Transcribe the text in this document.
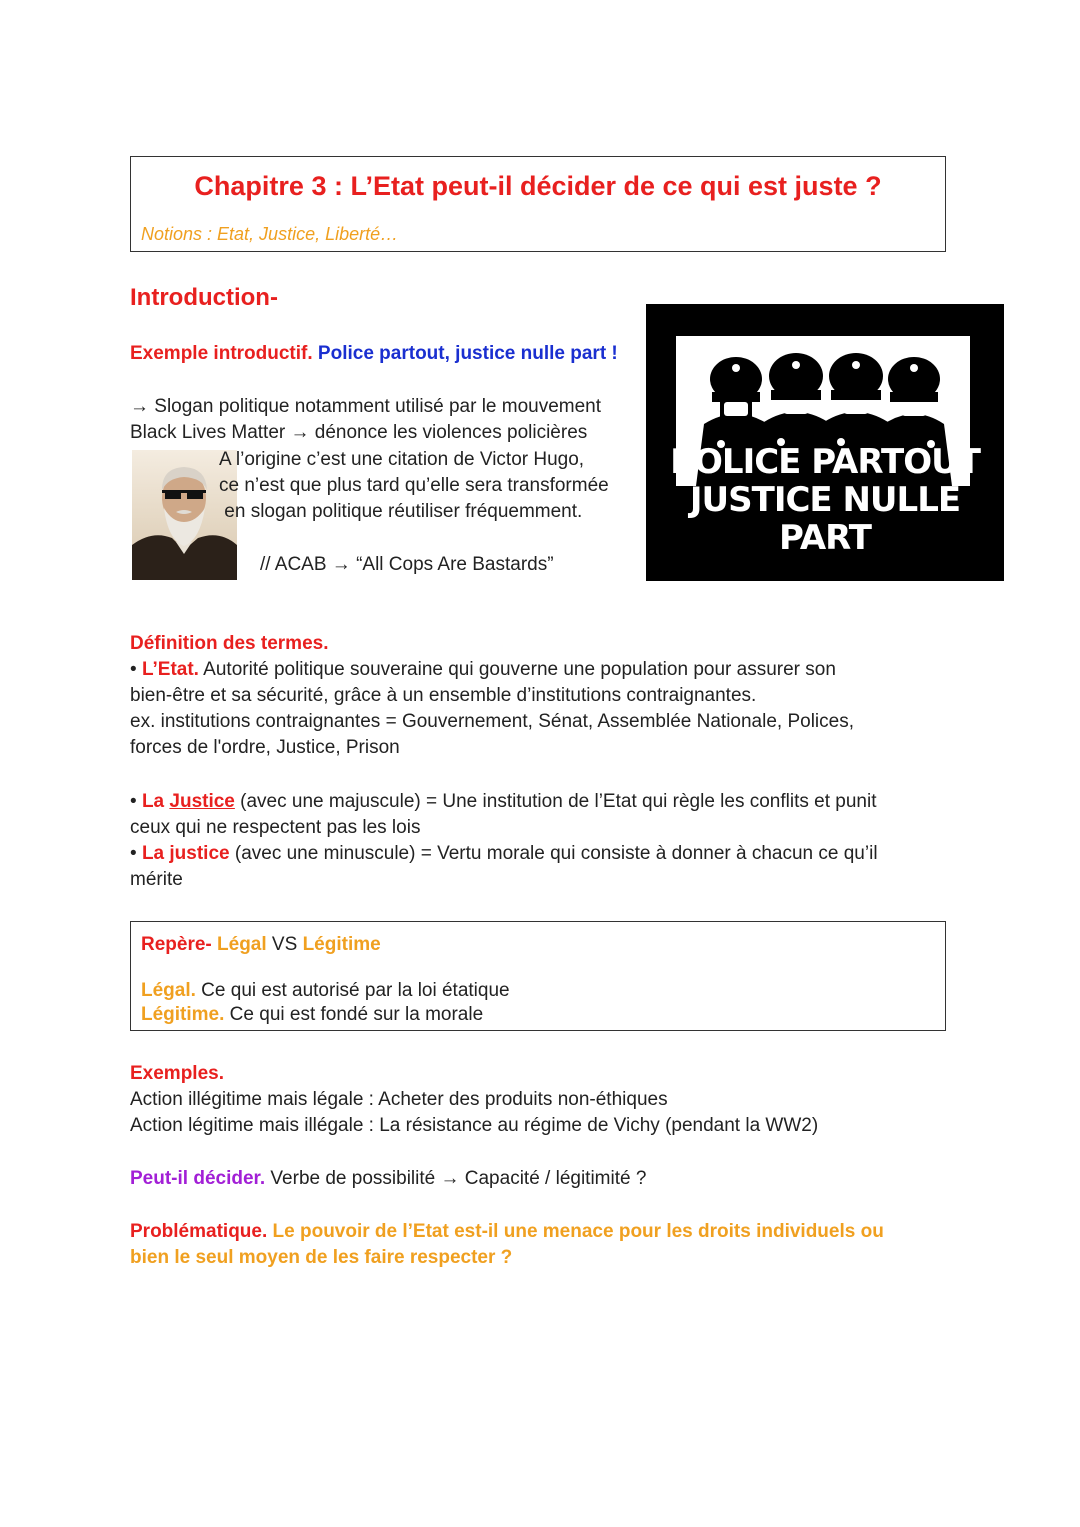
Chapitre 3 : L’Etat peut-il décider de ce qui est juste ?
Notions : Etat, Justice, Liberté…
Introduction-
Exemple introductif. Police partout, justice nulle part !
→ Slogan politique notamment utilisé par le mouvement
Black Lives Matter → dénonce les violences policières
A l’origine c’est une citation de Victor Hugo,
ce n’est que plus tard qu’elle sera transformée
en slogan politique réutiliser fréquemment.
// ACAB → “All Cops Are Bastards”
POLICE PARTOUT
JUSTICE NULLE PART
Définition des termes.
• L’Etat. Autorité politique souveraine qui gouverne une population pour assurer son
bien-être et sa sécurité, grâce à un ensemble d’institutions contraignantes.
ex. institutions contraignantes = Gouvernement, Sénat, Assemblée Nationale, Polices,
forces de l'ordre, Justice, Prison
• La Justice (avec une majuscule) = Une institution de l’Etat qui règle les conflits et punit
ceux qui ne respectent pas les lois
• La justice (avec une minuscule) = Vertu morale qui consiste à donner à chacun ce qu’il
mérite
Repère- Légal VS Légitime
Légal. Ce qui est autorisé par la loi étatique
Légitime. Ce qui est fondé sur la morale
Exemples.
Action illégitime mais légale : Acheter des produits non-éthiques
Action légitime mais illégale : La résistance au régime de Vichy (pendant la WW2)
Peut-il décider. Verbe de possibilité → Capacité / légitimité ?
Problématique. Le pouvoir de l’Etat est-il une menace pour les droits individuels ou
bien le seul moyen de les faire respecter ?
